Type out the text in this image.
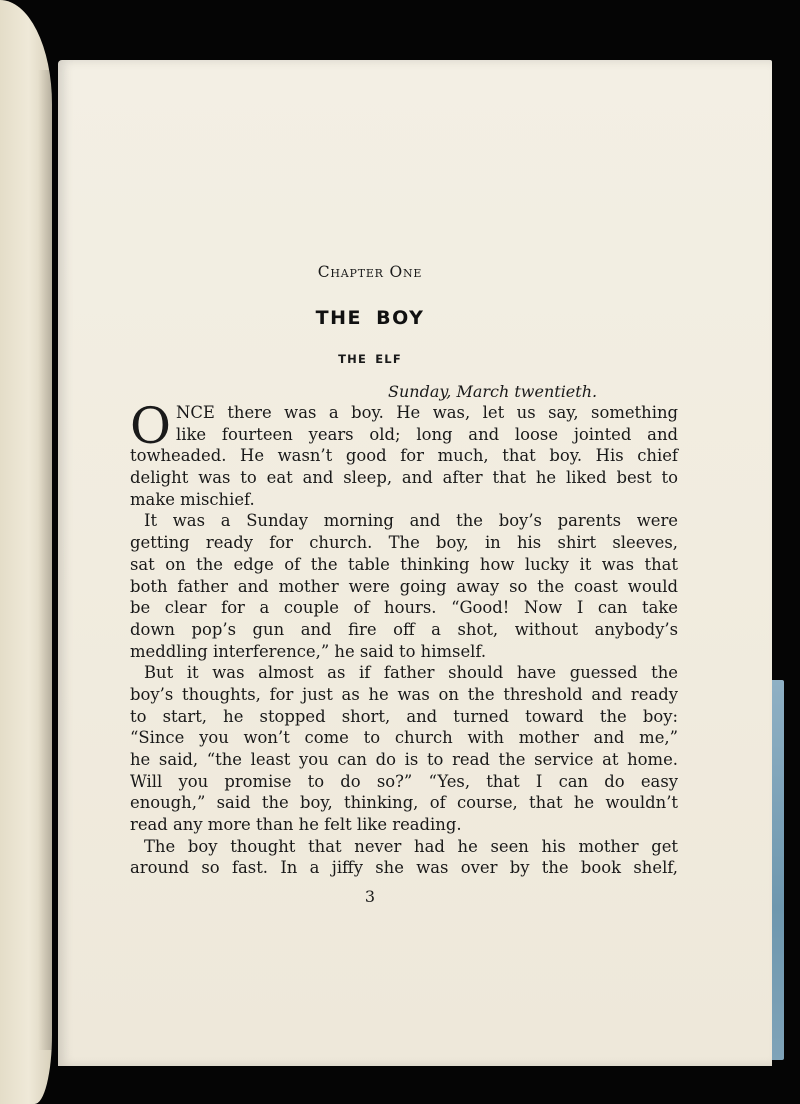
Chapter One
THE BOY
THE ELF
Sunday, March twentieth.
O NCE there was a boy. He was, let us say, something
like fourteen years old; long and loose jointed and
towheaded. He wasn’t good for much, that boy. His chief
delight was to eat and sleep, and after that he liked best to
make mischief.
It was a Sunday morning and the boy’s parents were
getting ready for church. The boy, in his shirt sleeves,
sat on the edge of the table thinking how lucky it was that
both father and mother were going away so the coast would
be clear for a couple of hours. “Good! Now I can take
down pop’s gun and fire off a shot, without anybody’s
meddling interference,” he said to himself.
But it was almost as if father should have guessed the
boy’s thoughts, for just as he was on the threshold and ready
to start, he stopped short, and turned toward the boy:
“Since you won’t come to church with mother and me,”
he said, “the least you can do is to read the service at home.
Will you promise to do so?” “Yes, that I can do easy
enough,” said the boy, thinking, of course, that he wouldn’t
read any more than he felt like reading.
The boy thought that never had he seen his mother get
around so fast. In a jiffy she was over by the book shelf,
3
